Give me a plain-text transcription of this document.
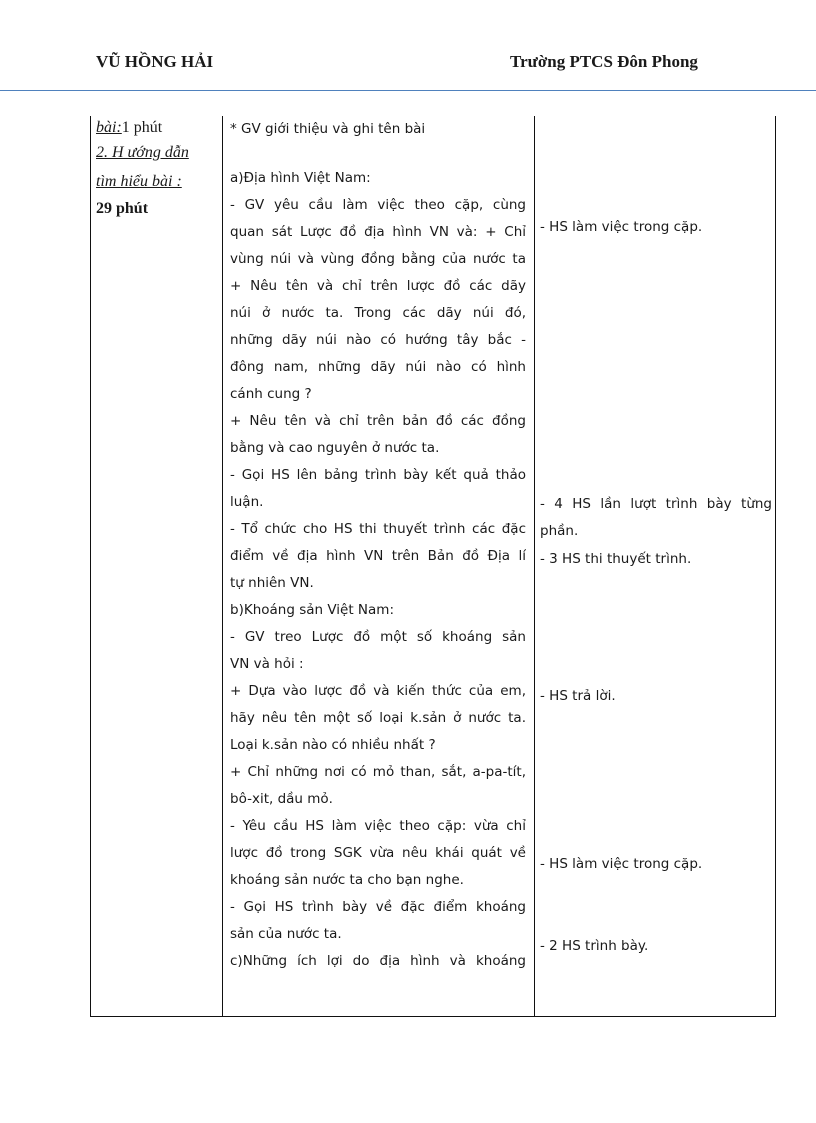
VŨ HỒNG HẢI	Trường PTCS Đôn Phong
bài:1 phút
2. H ướng dẫn
tìm hiểu bài :
29 phút
* GV giới thiệu và ghi tên bài
a)Địa hình Việt Nam:
- GV yêu cầu làm việc theo cặp, cùng
quan sát Lược đồ địa hình VN và: + Chỉ
vùng núi và vùng đồng bằng của nước ta
+ Nêu tên và chỉ trên lược đồ các dãy
núi ở nước ta. Trong các dãy núi đó,
những dãy núi nào có hướng tây bắc -
đông nam, những dãy núi nào có hình
cánh cung ?
+ Nêu tên và chỉ trên bản đồ các đồng
bằng và cao nguyên ở nước ta.
- Gọi HS lên bảng trình bày kết quả thảo
luận.
- Tổ chức cho HS thi thuyết trình các đặc
điểm về địa hình VN trên Bản đồ Địa lí
tự nhiên VN.
b)Khoáng sản Việt Nam:
- GV treo Lược đồ một số khoáng sản
VN và hỏi :
+ Dựa vào lược đồ và kiến thức của em,
hãy nêu tên một số loại k.sản ở nước ta.
Loại k.sản nào có nhiều nhất ?
+ Chỉ những nơi có mỏ than, sắt, a-pa-tít,
bô-xit, dầu mỏ.
- Yêu cầu HS làm việc theo cặp: vừa chỉ
lược đồ trong SGK vừa nêu khái quát về
khoáng sản nước ta cho bạn nghe.
- Gọi HS trình bày về đặc điểm khoáng
sản của nước ta.
c)Những ích lợi do địa hình và khoáng
- HS làm việc trong cặp.
- 4 HS lần lượt trình bày từng
phần.
- 3 HS thi thuyết trình.
- HS trả lời.
- HS làm việc trong cặp.
- 2 HS trình bày.
